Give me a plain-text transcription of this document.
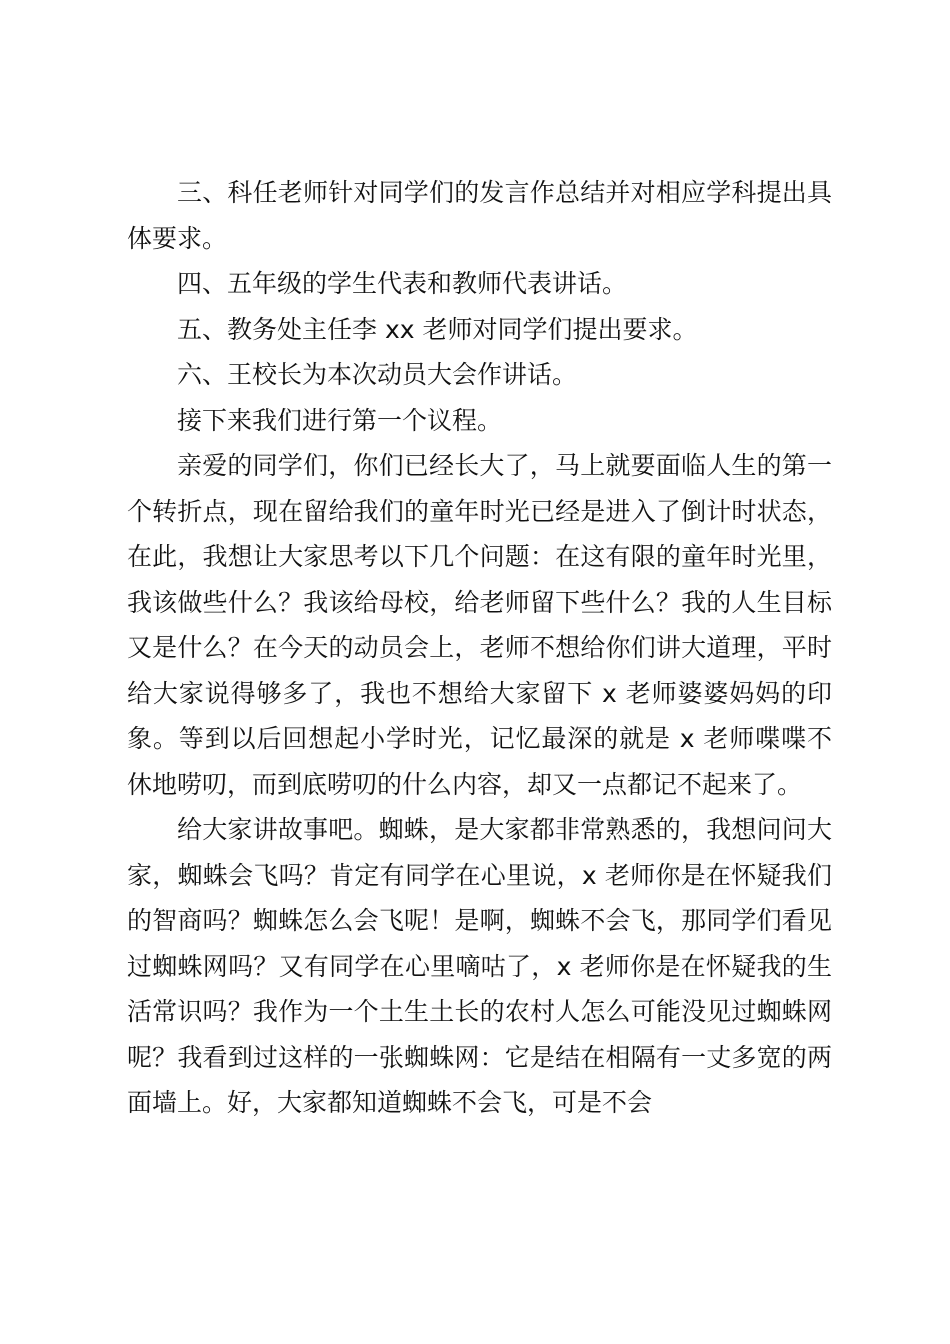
三、科任老师针对同学们的发言作总结并对相应学科提出具体要求。

四、五年级的学生代表和教师代表讲话。

五、教务处主任李 xx 老师对同学们提出要求。

六、王校长为本次动员大会作讲话。

接下来我们进行第一个议程。

亲爱的同学们，你们已经长大了，马上就要面临人生的第一个转折点，现在留给我们的童年时光已经是进入了倒计时状态，在此，我想让大家思考以下几个问题：在这有限的童年时光里，我该做些什么？我该给母校，给老师留下些什么？我的人生目标又是什么？在今天的动员会上，老师不想给你们讲大道理，平时给大家说得够多了，我也不想给大家留下 x 老师婆婆妈妈的印象。等到以后回想起小学时光，记忆最深的就是 x 老师喋喋不休地唠叨，而到底唠叨的什么内容，却又一点都记不起来了。

给大家讲故事吧。蜘蛛，是大家都非常熟悉的，我想问问大家，蜘蛛会飞吗？肯定有同学在心里说，x 老师你是在怀疑我们的智商吗？蜘蛛怎么会飞呢！是啊，蜘蛛不会飞，那同学们看见过蜘蛛网吗？又有同学在心里嘀咕了，x 老师你是在怀疑我的生活常识吗？我作为一个土生土长的农村人怎么可能没见过蜘蛛网呢？我看到过这样的一张蜘蛛网：它是结在相隔有一丈多宽的两面墙上。好，大家都知道蜘蛛不会飞，可是不会
